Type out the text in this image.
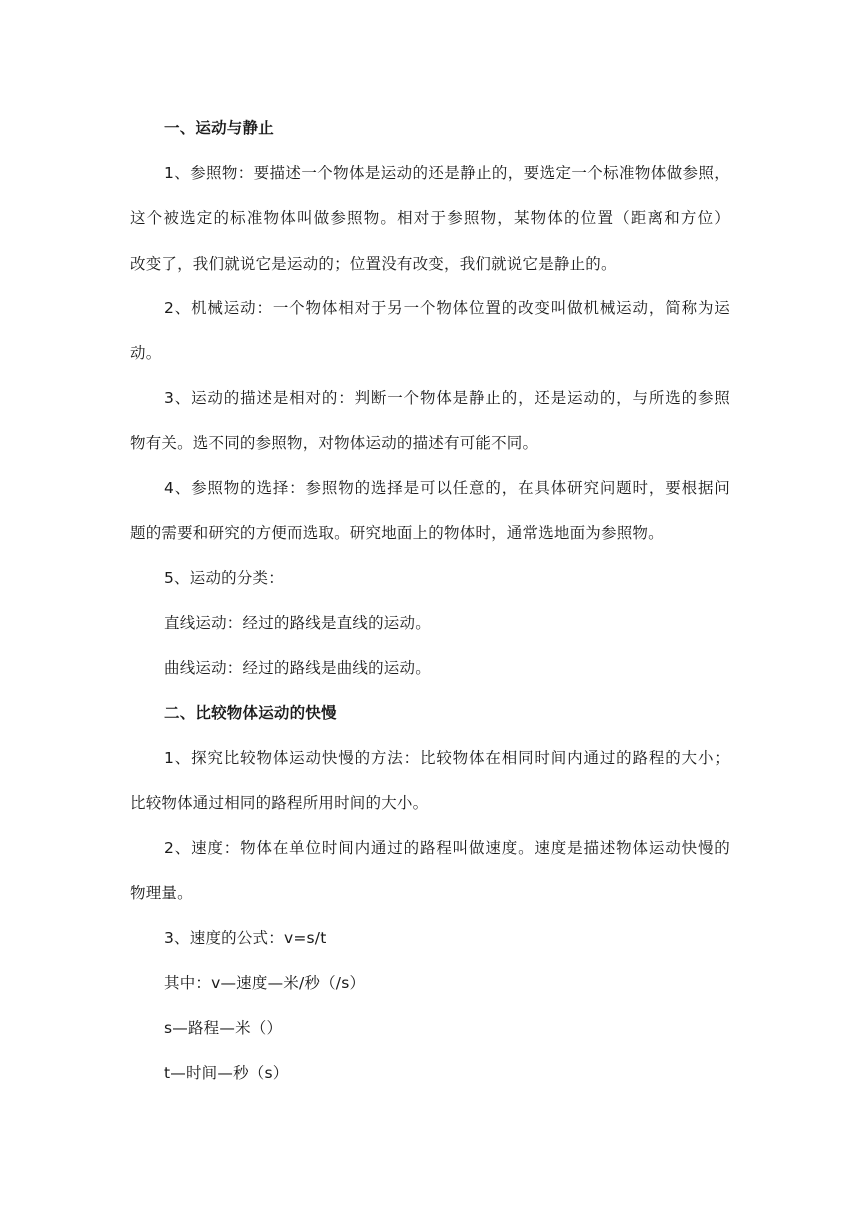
一、运动与静止
1、参照物：要描述一个物体是运动的还是静止的，要选定一个标准物体做参照，
这个被选定的标准物体叫做参照物。相对于参照物，某物体的位置（距离和方位）
改变了，我们就说它是运动的；位置没有改变，我们就说它是静止的。
2、机械运动：一个物体相对于另一个物体位置的改变叫做机械运动，简称为运
动。
3、运动的描述是相对的：判断一个物体是静止的，还是运动的，与所选的参照
物有关。选不同的参照物，对物体运动的描述有可能不同。
4、参照物的选择：参照物的选择是可以任意的，在具体研究问题时，要根据问
题的需要和研究的方便而选取。研究地面上的物体时，通常选地面为参照物。
5、运动的分类：
直线运动：经过的路线是直线的运动。
曲线运动：经过的路线是曲线的运动。
二、比较物体运动的快慢
1、探究比较物体运动快慢的方法：比较物体在相同时间内通过的路程的大小；
比较物体通过相同的路程所用时间的大小。
2、速度：物体在单位时间内通过的路程叫做速度。速度是描述物体运动快慢的
物理量。
3、速度的公式：v=s/t
其中：v—速度—米/秒（/s）
s—路程—米（）
t—时间—秒（s）
